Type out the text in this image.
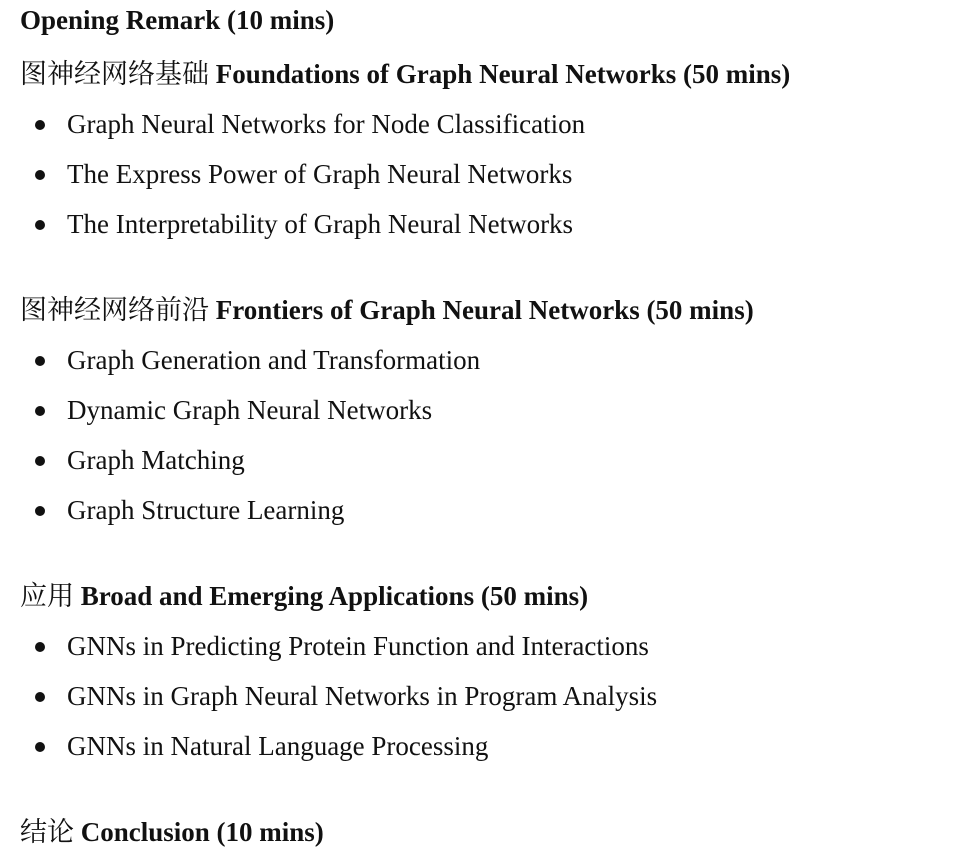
Opening Remark (10 mins)
图神经网络基础 Foundations of Graph Neural Networks (50 mins)
Graph Neural Networks for Node Classification
The Express Power of Graph Neural Networks
The Interpretability of Graph Neural Networks
图神经网络前沿 Frontiers of Graph Neural Networks (50 mins)
Graph Generation and Transformation
Dynamic Graph Neural Networks
Graph Matching
Graph Structure Learning
应用 Broad and Emerging Applications (50 mins)
GNNs in Predicting Protein Function and Interactions
GNNs in Graph Neural Networks in Program Analysis
GNNs in Natural Language Processing
结论 Conclusion (10 mins)
